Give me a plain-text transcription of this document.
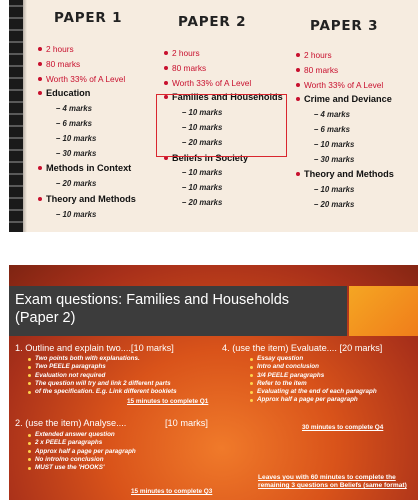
PAPER 1
2 hours
80 marks
Worth 33% of A Level
Education
– 4 marks
– 6 marks
– 10 marks
– 30 marks
Methods in Context
– 20 marks
Theory and Methods
– 10 marks
PAPER 2
2 hours
80 marks
Worth 33% of A Level
Families and Households
– 10 marks
– 10 marks
– 20 marks
Beliefs in Society
– 10 marks
– 10 marks
– 20 marks
PAPER 3
2 hours
80 marks
Worth 33% of A Level
Crime and Deviance
– 4 marks
– 6 marks
– 10 marks
– 30 marks
Theory and Methods
– 10 marks
– 20 marks
Exam questions: Families and Households
(Paper 2)
1. Outline and explain two....[10 marks]
Two points both with explanations.
Two PEELE paragraphs
Evaluation not required
The question will try and link 2 different parts
of the specification. E.g. Link different booklets
15 minutes to complete Q1
2. (use the item) Analyse....	[10 marks]
Extended answer question
2 x PEELE paragraphs
Approx half a page per paragraph
No intro/no conclusion
MUST use the 'HOOKS'
15 minutes to complete Q3
4. (use the item) Evaluate.... [20 marks]
Essay question
Intro and conclusion
3/4 PEELE paragraphs
Refer to the item
Evaluating at the end of each paragraph
Approx half a page per paragraph
30 minutes to complete Q4
Leaves you with 60 minutes to complete the remaining 3 questions on Beliefs (same format)
